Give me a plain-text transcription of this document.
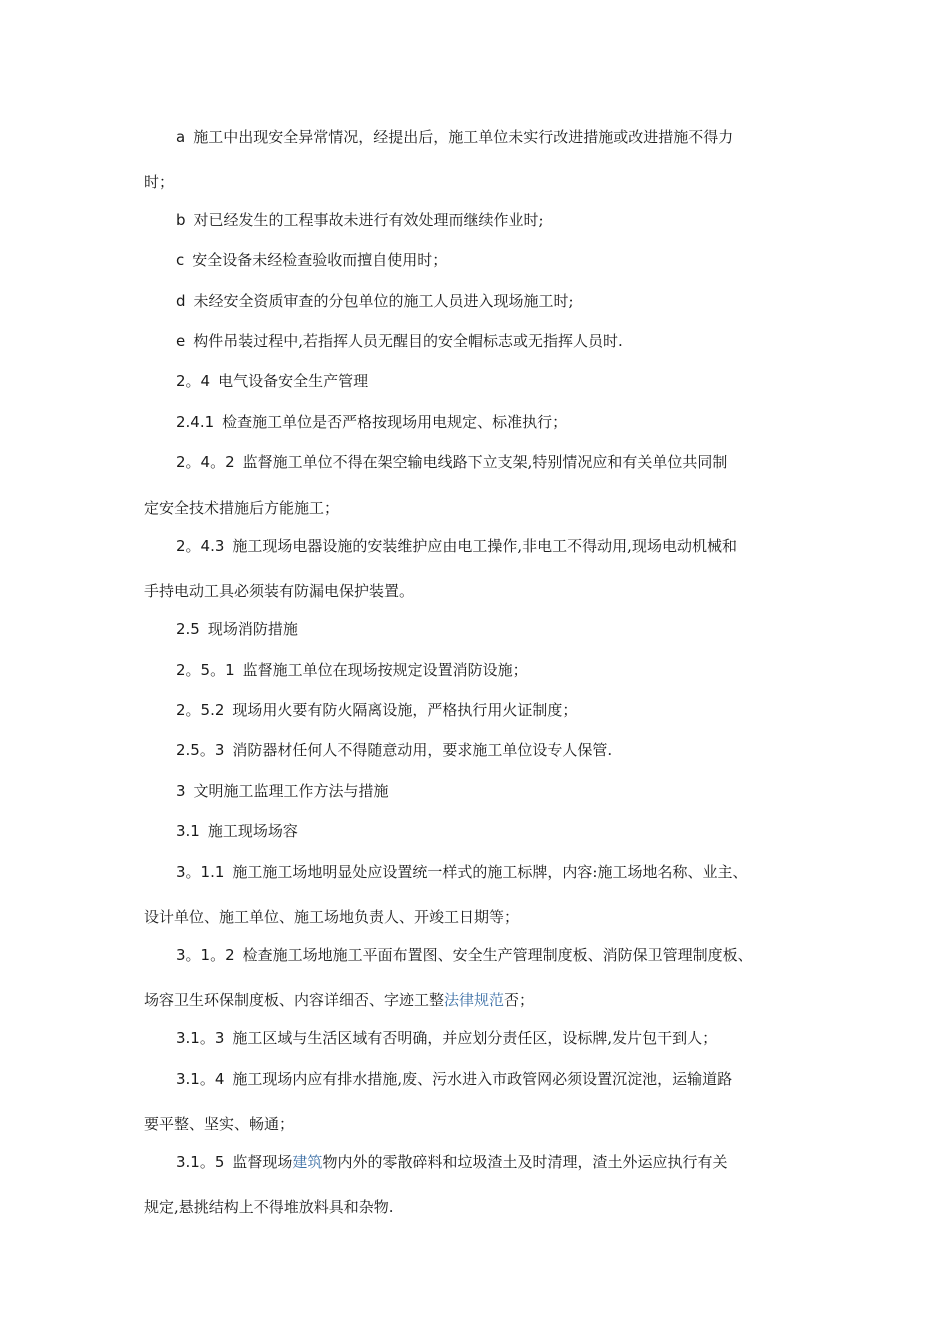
a 施工中出现安全异常情况，经提出后，施工单位未实行改进措施或改进措施不得力
时；
b 对已经发生的工程事故未进行有效处理而继续作业时;
c 安全设备未经检查验收而擅自使用时；
d 未经安全资质审查的分包单位的施工人员进入现场施工时;
e 构件吊装过程中,若指挥人员无醒目的安全帽标志或无指挥人员时.
2。4 电气设备安全生产管理
2.4.1 检查施工单位是否严格按现场用电规定、标准执行；
2。4。2 监督施工单位不得在架空输电线路下立支架,特别情况应和有关单位共同制
定安全技术措施后方能施工；
2。4.3 施工现场电器设施的安装维护应由电工操作,非电工不得动用,现场电动机械和
手持电动工具必须装有防漏电保护装置。
2.5 现场消防措施
2。5。1 监督施工单位在现场按规定设置消防设施；
2。5.2 现场用火要有防火隔离设施，严格执行用火证制度；
2.5。3 消防器材任何人不得随意动用，要求施工单位设专人保管.
3 文明施工监理工作方法与措施
3.1 施工现场场容
3。1.1 施工施工场地明显处应设置统一样式的施工标牌，内容:施工场地名称、业主、
设计单位、施工单位、施工场地负责人、开竣工日期等；
3。1。2 检查施工场地施工平面布置图、安全生产管理制度板、消防保卫管理制度板、
场容卫生环保制度板、内容详细否、字迹工整法律规范否；
3.1。3 施工区域与生活区域有否明确，并应划分责任区，设标牌,发片包干到人；
3.1。4 施工现场内应有排水措施,废、污水进入市政管网必须设置沉淀池，运输道路
要平整、坚实、畅通；
3.1。5 监督现场建筑物内外的零散碎料和垃圾渣土及时清理，渣土外运应执行有关
规定,悬挑结构上不得堆放料具和杂物.
